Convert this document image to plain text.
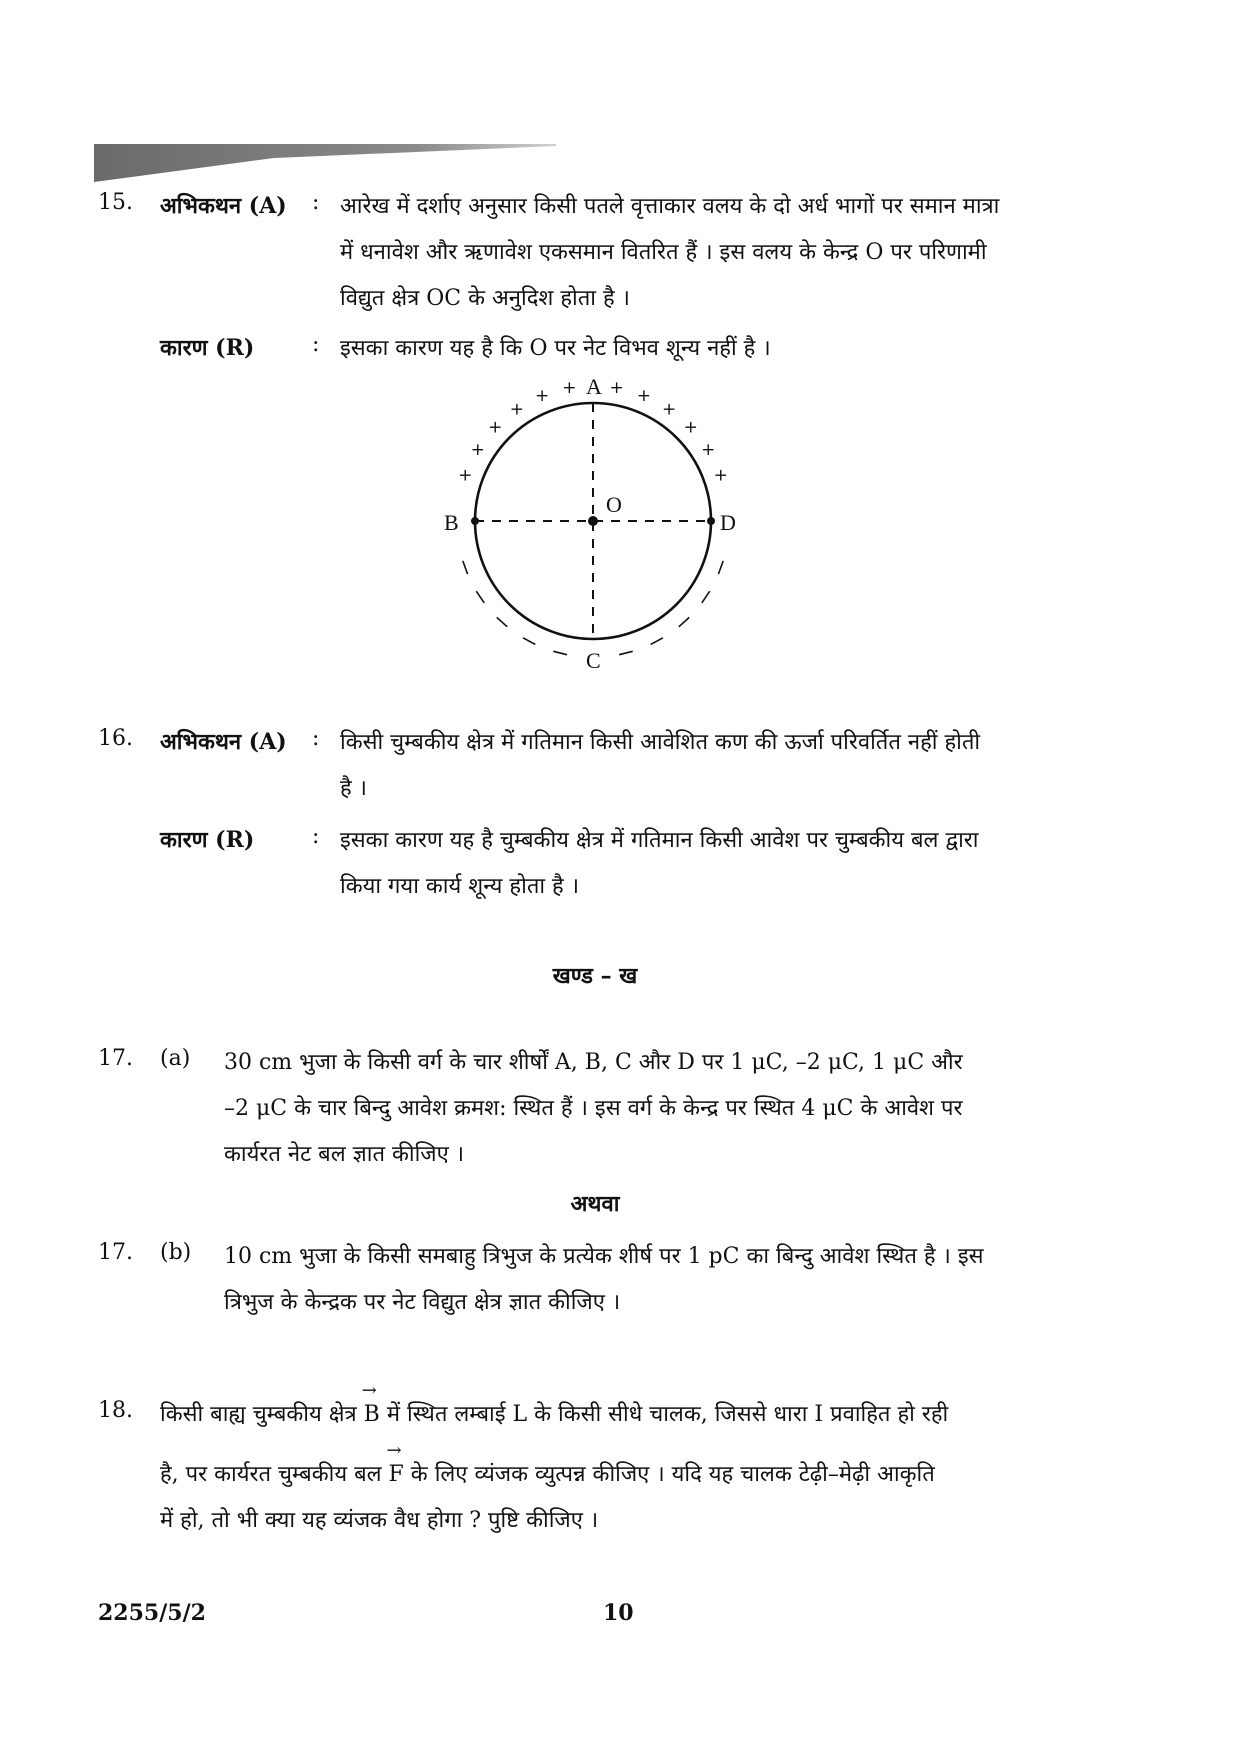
15. अभिकथन (A) : आरेख में दर्शाए अनुसार किसी पतले वृत्ताकार वलय के दो अर्ध भागों पर समान मात्रा
में धनावेश और ऋणावेश एकसमान वितरित हैं । इस वलय के केन्द्र O पर परिणामी
विद्युत क्षेत्र OC के अनुदिश होता है ।
कारण (R)	: इसका कारण यह है कि O पर नेट विभव शून्य नहीं है ।
A
B
C
D
O
+
+
+
+
+ + + +
+
+
+
+
16. अभिकथन (A) : किसी चुम्बकीय क्षेत्र में गतिमान किसी आवेशित कण की ऊर्जा परिवर्तित नहीं होती
है ।
कारण (R)	: इसका कारण यह है चुम्बकीय क्षेत्र में गतिमान किसी आवेश पर चुम्बकीय बल द्वारा
किया गया कार्य शून्य होता है ।
खण्ड – ख
17. (a) 30 cm भुजा के किसी वर्ग के चार शीर्षों A, B, C और D पर 1 μC, –2 μC, 1 μC और
–2 μC के चार बिन्दु आवेश क्रमश: स्थित हैं । इस वर्ग के केन्द्र पर स्थित 4 μC के आवेश पर
कार्यरत नेट बल ज्ञात कीजिए ।
अथवा
17. (b) 10 cm भुजा के किसी समबाहु त्रिभुज के प्रत्येक शीर्ष पर 1 pC का बिन्दु आवेश स्थित है । इस
त्रिभुज के केन्द्रक पर नेट विद्युत क्षेत्र ज्ञात कीजिए ।
18. किसी बाह्य चुम्बकीय क्षेत्र
→
B में स्थित लम्बाई L के किसी सीधे चालक, जिससे धारा I प्रवाहित हो रही
है, पर कार्यरत चुम्बकीय बल
→
F के लिए व्यंजक व्युत्पन्न कीजिए । यदि यह चालक टेढ़ी–मेढ़ी आकृति
में हो, तो भी क्या यह व्यंजक वैध होगा ? पुष्टि कीजिए ।
2255/5/2	10
